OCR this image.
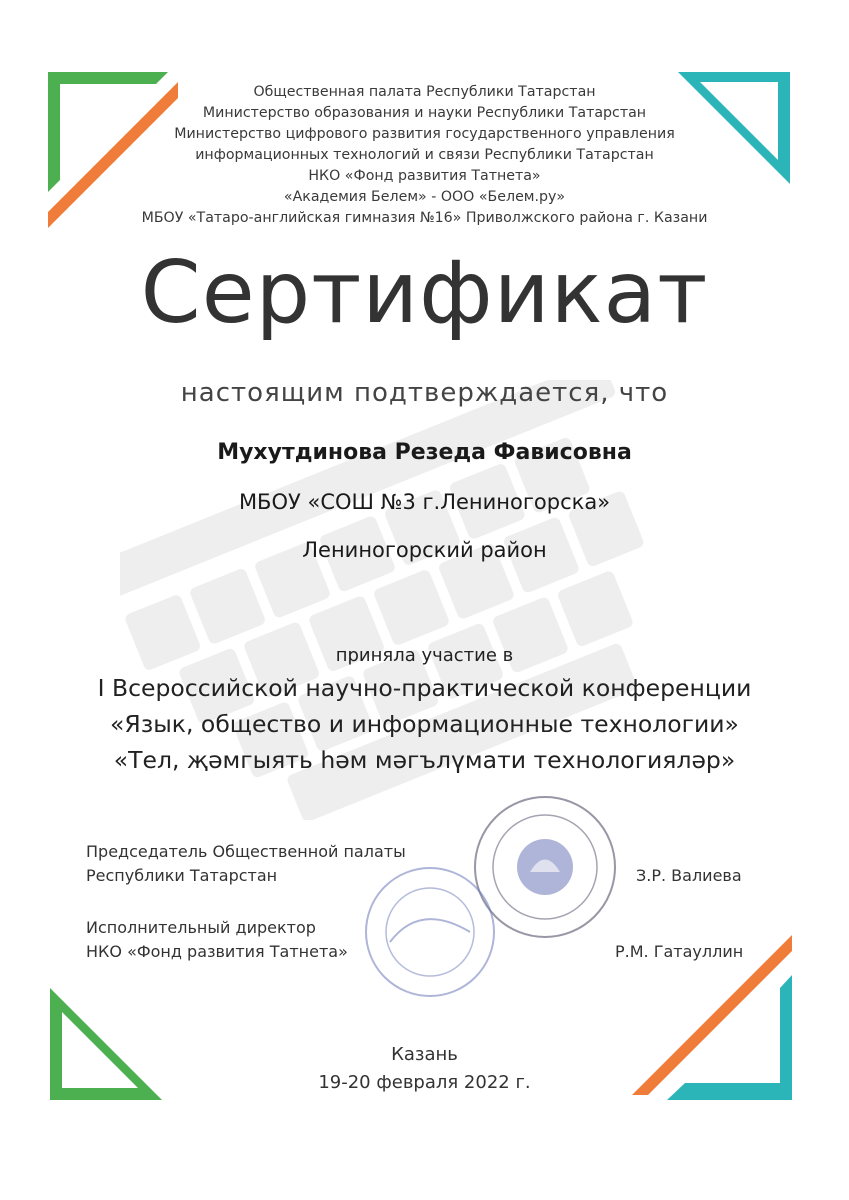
Общественная палата Республики Татарстан
Министерство образования и науки Республики Татарстан
Министерство цифрового развития государственного управления
информационных технологий и связи Республики Татарстан
НКО «Фонд развития Татнета»
«Академия Белем» - ООО «Белем.ру»
МБОУ «Татаро-английская гимназия №16» Приволжского района г. Казани
Сертификат
настоящим подтверждается, что
Мухутдинова Резеда Фависовна
МБОУ «СОШ №3 г.Лениногорска»
Лениногорский район
приняла участие в
I Всероссийской научно-практической конференции
«Язык, общество и информационные технологии»
«Тел, җәмгыять һәм мәгълүмати технологияләр»
Председатель Общественной палаты
Республики Татарстан	З.Р. Валиева
Исполнительный директор
НКО «Фонд развития Татнета»	Р.М. Гатауллин
Казань
19-20 февраля 2022 г.
